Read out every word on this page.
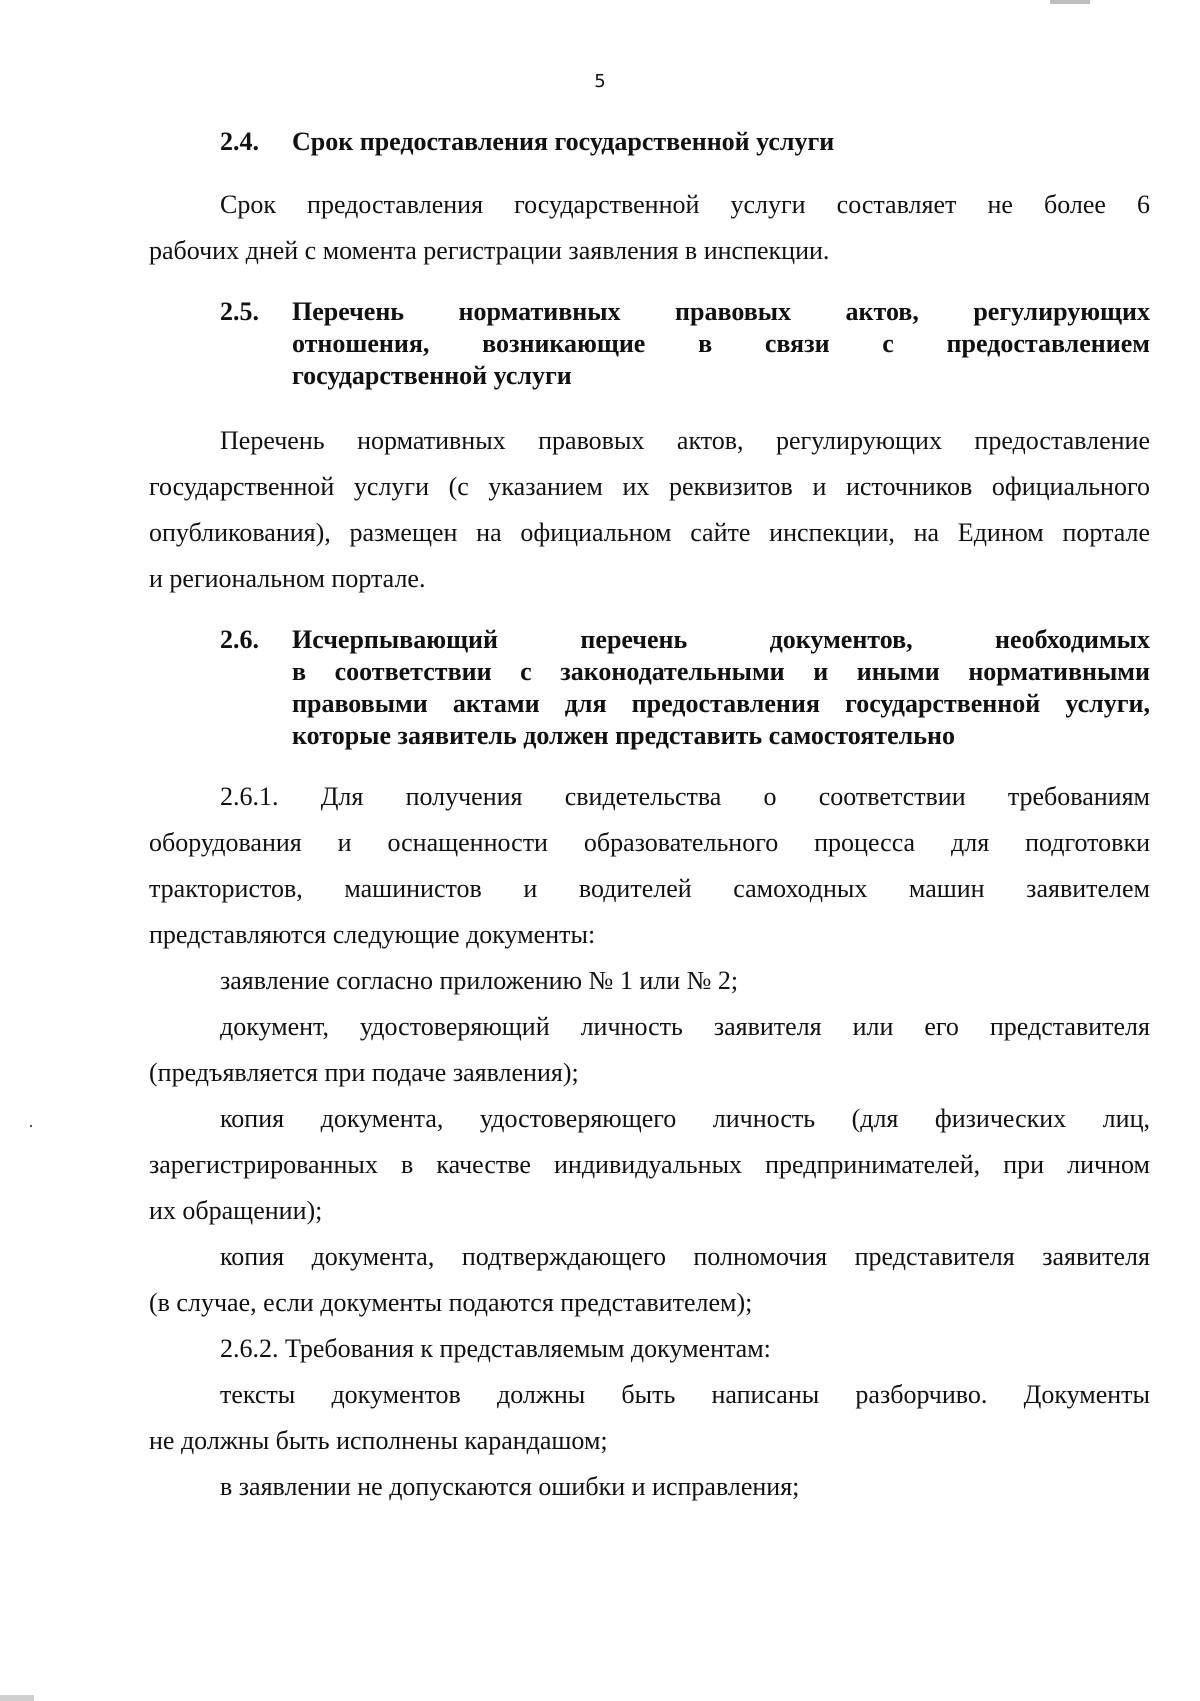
5
2.4.	Срок предоставления государственной услуги
Срок предоставления государственной услуги составляет не более 6
рабочих дней с момента регистрации заявления в инспекции.
2.5.	Перечень нормативных правовых актов, регулирующих
отношения, возникающие в связи с предоставлением
государственной услуги
Перечень нормативных правовых актов, регулирующих предоставление
государственной услуги (с указанием их реквизитов и источников официального
опубликования), размещен на официальном сайте инспекции, на Едином портале
и региональном портале.
2.6.	Исчерпывающий перечень документов, необходимых
в соответствии с законодательными и иными нормативными
правовыми актами для предоставления государственной услуги,
которые заявитель должен представить самостоятельно
2.6.1. Для получения свидетельства о соответствии требованиям
оборудования и оснащенности образовательного процесса для подготовки
трактористов, машинистов и водителей самоходных машин заявителем
представляются следующие документы:
заявление согласно приложению № 1 или № 2;
документ, удостоверяющий личность заявителя или его представителя
(предъявляется при подаче заявления);
копия документа, удостоверяющего личность (для физических лиц,
зарегистрированных в качестве индивидуальных предпринимателей, при личном
их обращении);
копия документа, подтверждающего полномочия представителя заявителя
(в случае, если документы подаются представителем);
2.6.2. Требования к представляемым документам:
тексты документов должны быть написаны разборчиво. Документы
не должны быть исполнены карандашом;
в заявлении не допускаются ошибки и исправления;
